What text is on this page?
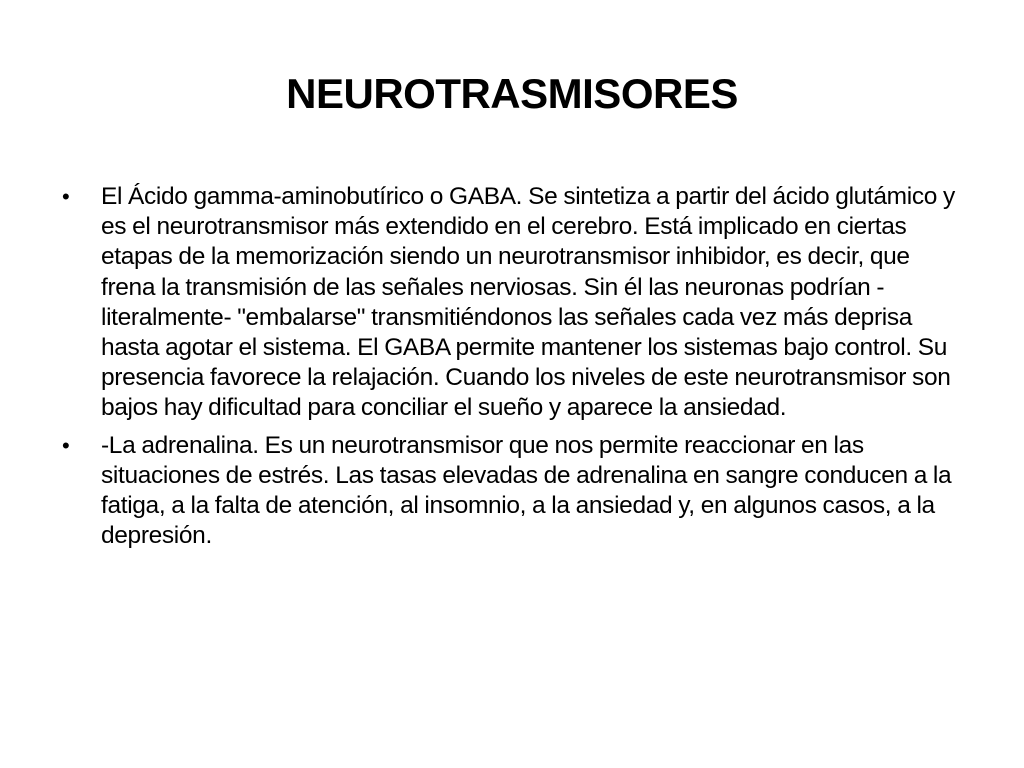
NEUROTRASMISORES
•	El Ácido gamma-aminobutírico o GABA. Se sintetiza a partir del ácido glutámico y es el neurotransmisor más extendido en el cerebro. Está implicado en ciertas etapas de la memorización siendo un neurotransmisor inhibidor, es decir, que frena la transmisión de las señales nerviosas. Sin él las neuronas podrían -literalmente- "embalarse" transmitiéndonos las señales cada vez más deprisa hasta agotar el sistema. El GABA permite mantener los sistemas bajo control. Su presencia favorece la relajación. Cuando los niveles de este neurotransmisor son bajos hay dificultad para conciliar el sueño y aparece la ansiedad.
•	-La adrenalina. Es un neurotransmisor que nos permite reaccionar en las situaciones de estrés. Las tasas elevadas de adrenalina en sangre conducen a la fatiga, a la falta de atención, al insomnio, a la ansiedad y, en algunos casos, a la depresión.
